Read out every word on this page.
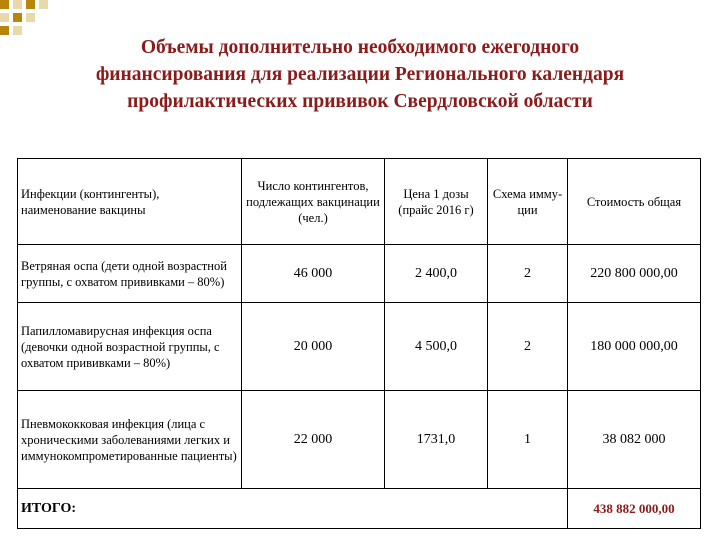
Объемы дополнительно необходимого ежегодного
финансирования для реализации Регионального календаря
профилактических прививок Свердловской области
Инфекции (контингенты), наименование вакцины	Число контингентов, подлежащих вакцинации (чел.)	Цена 1 дозы (прайс 2016 г)	Схема имму-ции	Стоимость общая
Ветряная оспа (дети одной возрастной группы, с охватом прививками – 80%)	46 000	2 400,0	2	220 800 000,00
Папилломавирусная инфекция оспа (девочки одной возрастной группы, с охватом прививками – 80%)	20 000	4 500,0	2	180 000 000,00
Пневмококковая инфекция (лица с хроническими заболеваниями легких и иммунокомпрометированные пациенты)	22 000	1731,0	1	38 082 000
ИТОГО:				438 882 000,00
